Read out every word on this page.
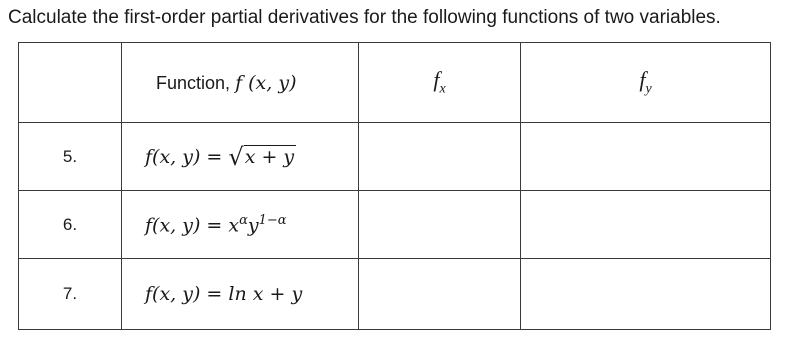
Calculate the first-order partial derivatives for the following functions of two variables.
	Function, f (x, y)	$f_x$	$f_y$
5.	f(x, y) = √x + y		
6.	f(x, $y) = x^\alpha y^{1-\alpha}$		
7.	f(x, y) = ln x + y		
